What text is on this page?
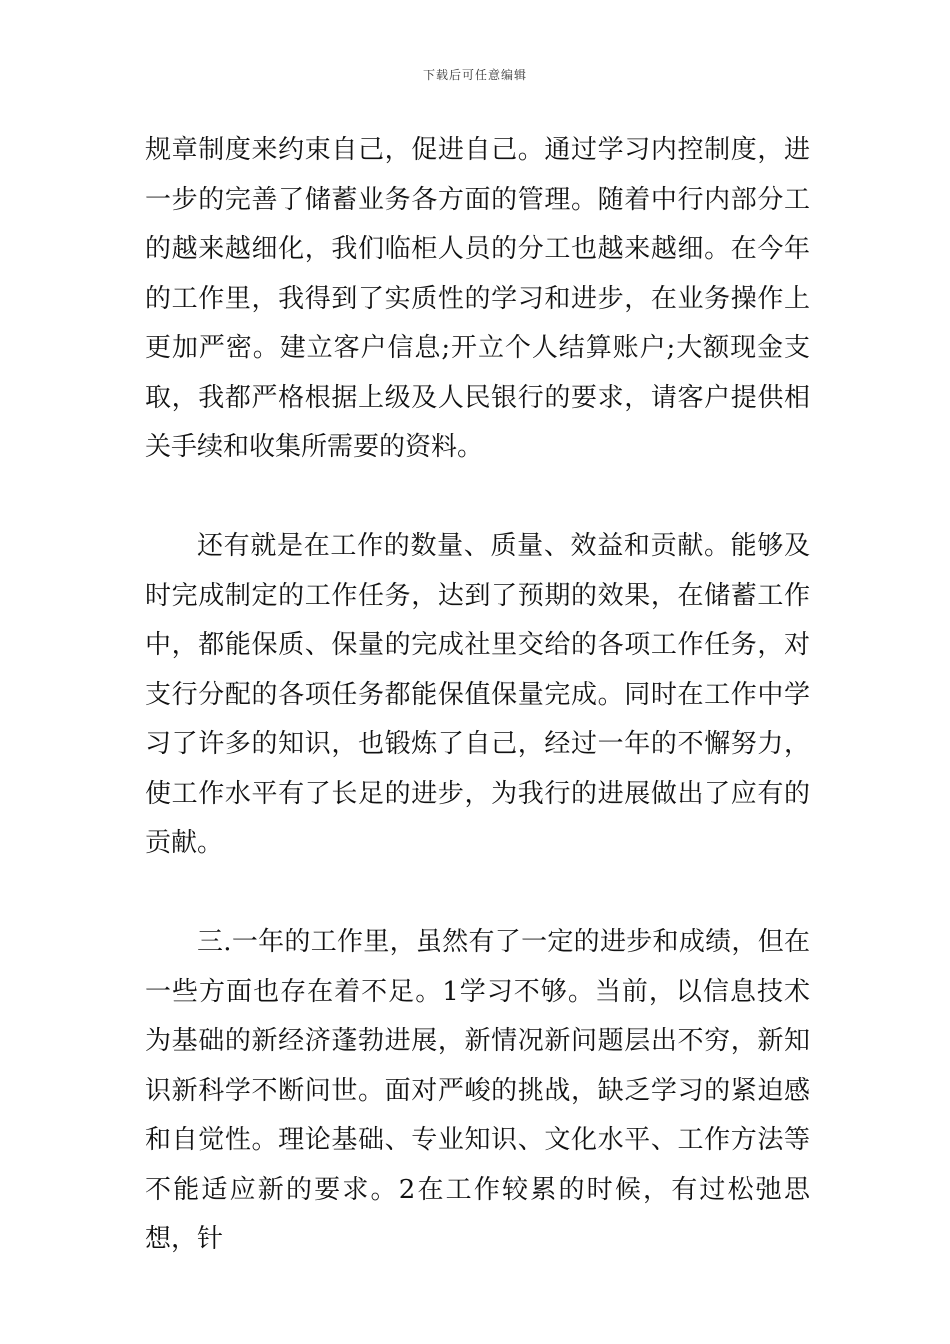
下载后可任意编辑

规章制度来约束自己，促进自己。通过学习内控制度，进一步的完善了储蓄业务各方面的管理。随着中行内部分工的越来越细化，我们临柜人员的分工也越来越细。在今年的工作里，我得到了实质性的学习和进步，在业务操作上更加严密。建立客户信息;开立个人结算账户;大额现金支取，我都严格根据上级及人民银行的要求，请客户提供相关手续和收集所需要的资料。

还有就是在工作的数量、质量、效益和贡献。能够及时完成制定的工作任务，达到了预期的效果，在储蓄工作中，都能保质、保量的完成社里交给的各项工作任务，对支行分配的各项任务都能保值保量完成。同时在工作中学习了许多的知识，也锻炼了自己，经过一年的不懈努力，使工作水平有了长足的进步，为我行的进展做出了应有的贡献。

三.一年的工作里，虽然有了一定的进步和成绩，但在一些方面也存在着不足。1学习不够。当前，以信息技术为基础的新经济蓬勃进展，新情况新问题层出不穷，新知识新科学不断问世。面对严峻的挑战，缺乏学习的紧迫感和自觉性。理论基础、专业知识、文化水平、工作方法等不能适应新的要求。2在工作较累的时候，有过松弛思想，针
